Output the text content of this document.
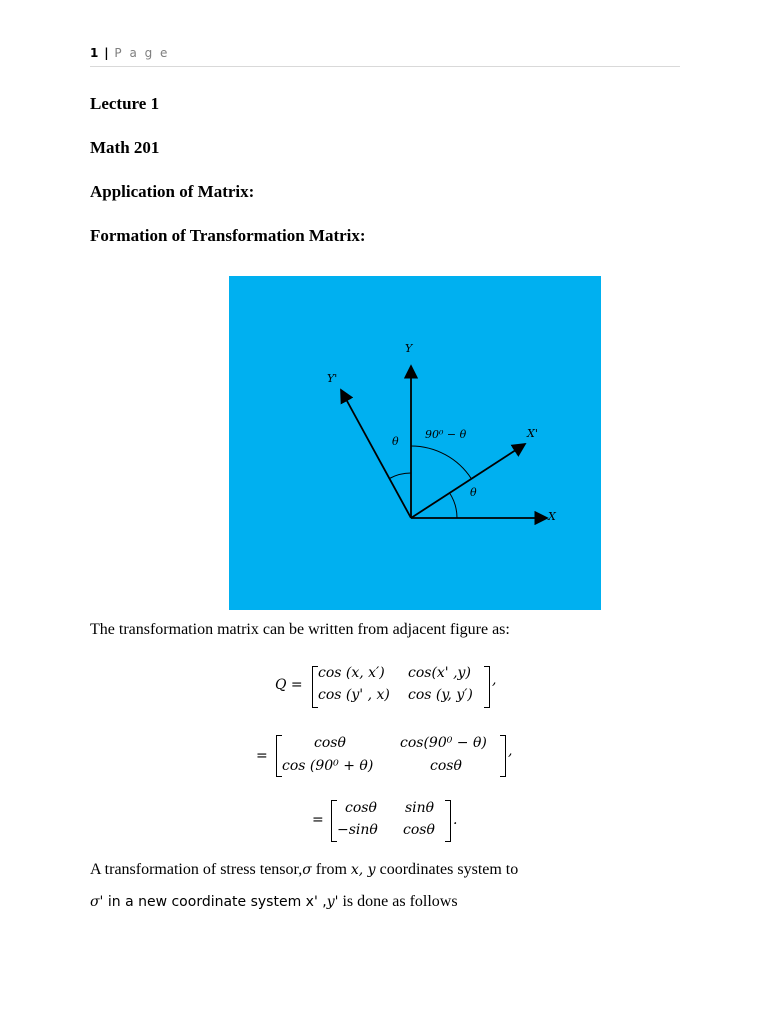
1 | P a g e
Lecture 1
Math 201
Application of Matrix:
Formation of Transformation Matrix:
Y
Y'
X
X'
θ
90⁰ − θ
θ
The transformation matrix can be written from adjacent figure as:
Q =
cos (x, x′) cos(x' ,y)
cos (y' , x) cos (y, y′)
,
=
cosθ	cos(90⁰ − θ)
cos (90⁰ + θ)	cosθ
,
=
cosθ sinθ
−sinθ cosθ
.
A transformation of stress tensor,σ from x, y coordinates system to
σ' in a new coordinate system x' ,y' is done as follows
